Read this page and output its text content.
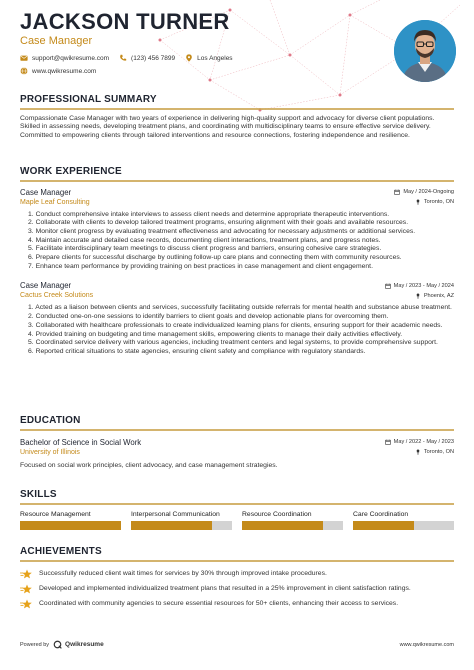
JACKSON TURNER
Case Manager
support@qwikresume.com	(123) 456 7899	Los Angeles
www.qwikresume.com
PROFESSIONAL SUMMARY
Compassionate Case Manager with two years of experience in delivering high-quality support and advocacy for diverse client populations. Skilled in assessing needs, developing treatment plans, and coordinating with multidisciplinary teams to ensure effective service delivery. Committed to empowering clients through tailored interventions and resource connections, fostering independence and resilience.
WORK EXPERIENCE
Case Manager	May / 2024-Ongoing
Maple Leaf Consulting	Toronto, ON
Conduct comprehensive intake interviews to assess client needs and determine appropriate therapeutic interventions.
Collaborate with clients to develop tailored treatment programs, ensuring alignment with their goals and available resources.
Monitor client progress by evaluating treatment effectiveness and advocating for necessary adjustments or additional services.
Maintain accurate and detailed case records, documenting client interactions, treatment plans, and progress notes.
Facilitate interdisciplinary team meetings to discuss client progress and barriers, ensuring cohesive care strategies.
Prepare clients for successful discharge by outlining follow-up care plans and connecting them with community resources.
Enhance team performance by providing training on best practices in case management and client engagement.
Case Manager	May / 2023 - May / 2024
Cactus Creek Solutions	Phoenix, AZ
Acted as a liaison between clients and services, successfully facilitating outside referrals for mental health and substance abuse treatment.
Conducted one-on-one sessions to identify barriers to client goals and develop actionable plans for overcoming them.
Collaborated with healthcare professionals to create individualized learning plans for clients, ensuring support for their academic needs.
Provided training on budgeting and time management skills, empowering clients to manage their daily activities effectively.
Coordinated service delivery with various agencies, including treatment centers and legal systems, to provide comprehensive support.
Reported critical situations to state agencies, ensuring client safety and compliance with regulatory standards.
EDUCATION
Bachelor of Science in Social Work	May / 2022 - May / 2023
University of Illinois	Toronto, ON
Focused on social work principles, client advocacy, and case management strategies.
SKILLS
Resource Management	Interpersonal Communication	Resource Coordination	Care Coordination
ACHIEVEMENTS
Successfully reduced client wait times for services by 30% through improved intake procedures.
Developed and implemented individualized treatment plans that resulted in a 25% improvement in client satisfaction ratings.
Coordinated with community agencies to secure essential resources for 50+ clients, enhancing their access to services.
Powered by Qwikresume	www.qwikresume.com
